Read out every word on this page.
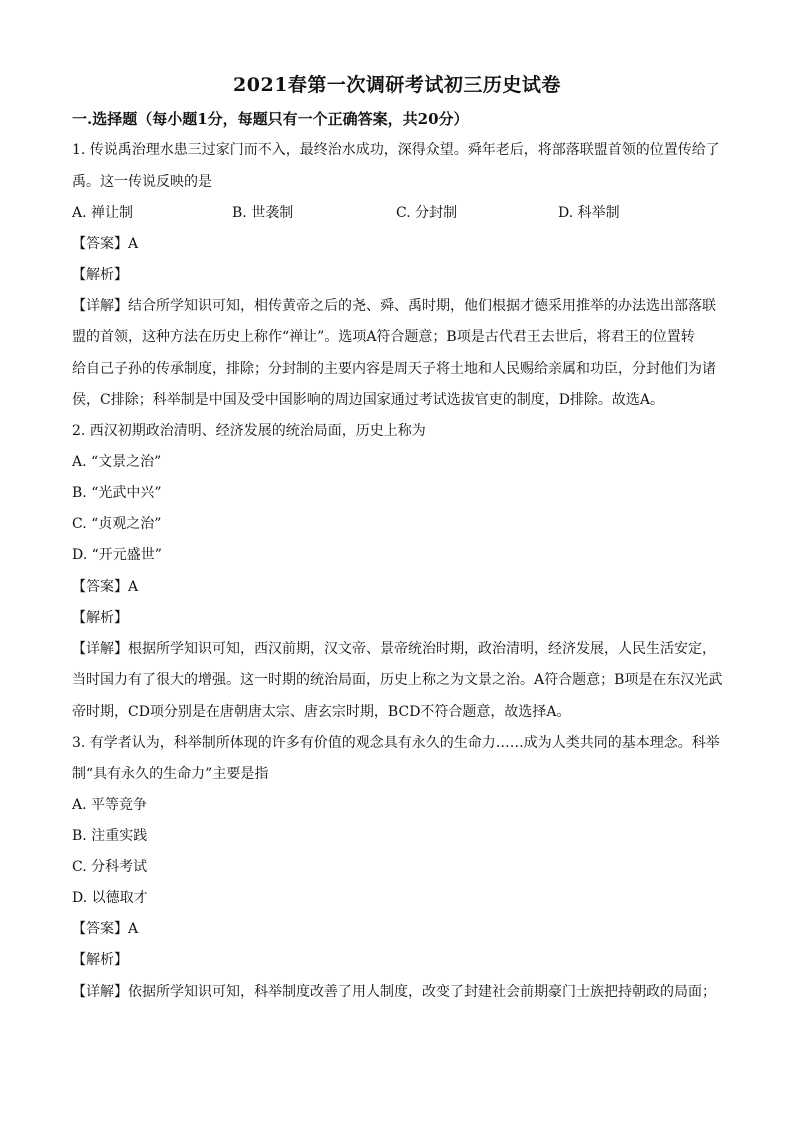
2021春第一次调研考试初三历史试卷
一.选择题（每小题1分，每题只有一个正确答案，共20分）
1. 传说禹治理水患三过家门而不入，最终治水成功，深得众望。舜年老后，将部落联盟首领的位置传给了
禹。这一传说反映的是
A. 禅让制	B. 世袭制	C. 分封制	D. 科举制
【答案】A
【解析】
【详解】结合所学知识可知，相传黄帝之后的尧、舜、禹时期，他们根据才德采用推举的办法选出部落联
盟的首领，这种方法在历史上称作“禅让”。选项A符合题意；B项是古代君王去世后，将君王的位置转
给自己子孙的传承制度，排除；分封制的主要内容是周天子将土地和人民赐给亲属和功臣，分封他们为诸
侯，C排除；科举制是中国及受中国影响的周边国家通过考试选拔官吏的制度，D排除。故选A。
2. 西汉初期政治清明、经济发展的统治局面，历史上称为
A. “文景之治”
B. “光武中兴”
C. “贞观之治”
D. “开元盛世”
【答案】A
【解析】
【详解】根据所学知识可知，西汉前期，汉文帝、景帝统治时期，政治清明，经济发展，人民生活安定，
当时国力有了很大的增强。这一时期的统治局面，历史上称之为文景之治。A符合题意；B项是在东汉光武
帝时期，CD项分别是在唐朝唐太宗、唐玄宗时期，BCD不符合题意，故选择A。
3. 有学者认为，科举制所体现的许多有价值的观念具有永久的生命力……成为人类共同的基本理念。科举
制“具有永久的生命力”主要是指
A. 平等竞争
B. 注重实践
C. 分科考试
D. 以德取才
【答案】A
【解析】
【详解】依据所学知识可知，科举制度改善了用人制度，改变了封建社会前期豪门士族把持朝政的局面；
